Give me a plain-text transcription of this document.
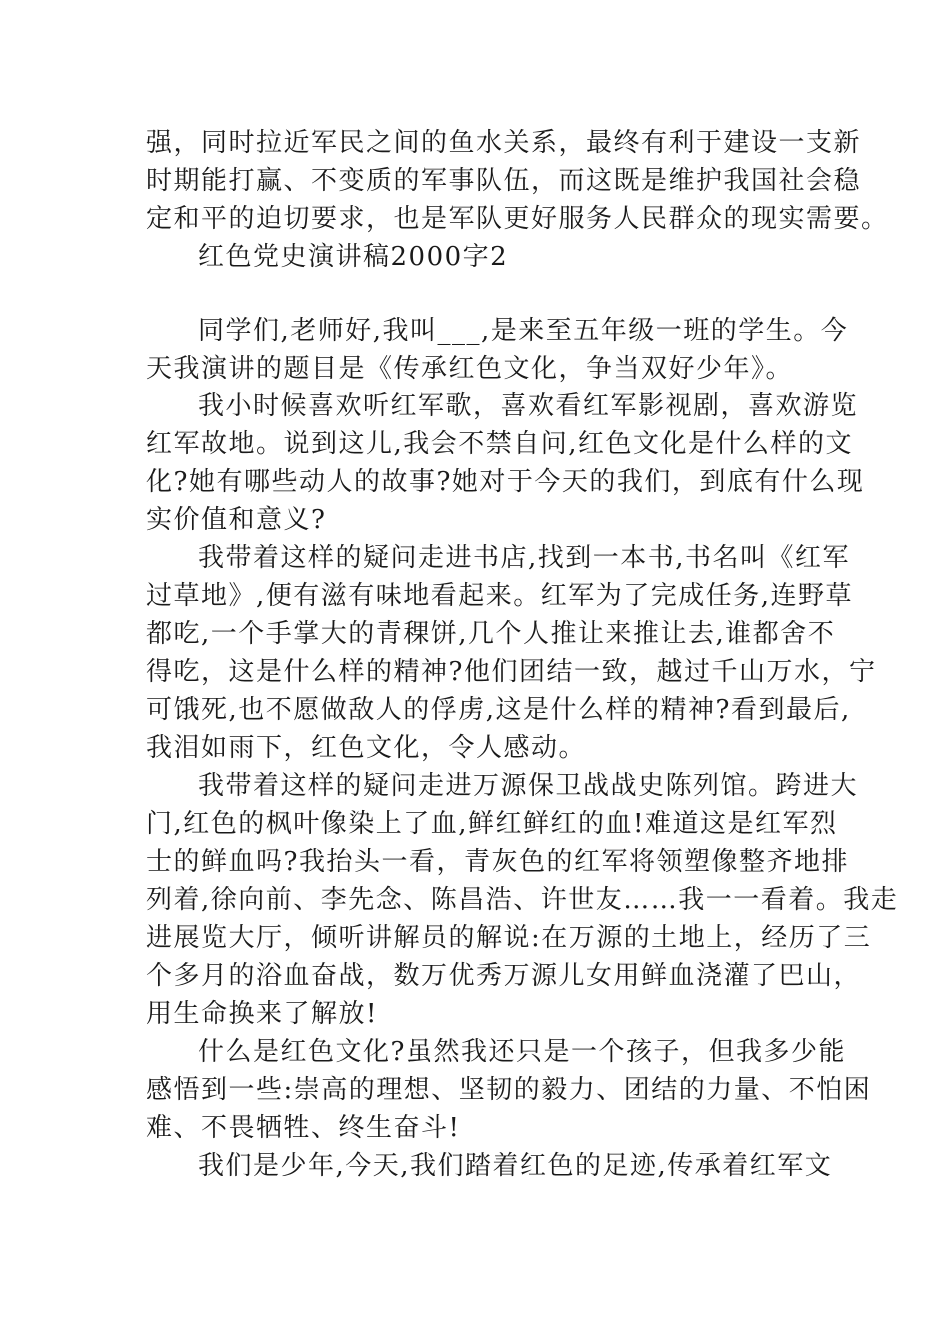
强，同时拉近军民之间的鱼水关系，最终有利于建设一支新

时期能打赢、不变质的军事队伍，而这既是维护我国社会稳

定和平的迫切要求，也是军队更好服务人民群众的现实需要。

红色党史演讲稿2000字2

同学们,老师好,我叫___,是来至五年级一班的学生。今

天我演讲的题目是《传承红色文化，争当双好少年》。

我小时候喜欢听红军歌，喜欢看红军影视剧，喜欢游览

红军故地。说到这儿,我会不禁自问,红色文化是什么样的文

化?她有哪些动人的故事?她对于今天的我们，到底有什么现

实价值和意义?

我带着这样的疑问走进书店,找到一本书,书名叫《红军

过草地》,便有滋有味地看起来。红军为了完成任务,连野草

都吃,一个手掌大的青稞饼,几个人推让来推让去,谁都舍不

得吃，这是什么样的精神?他们团结一致，越过千山万水，宁

可饿死,也不愿做敌人的俘虏,这是什么样的精神?看到最后,

我泪如雨下，红色文化，令人感动。

我带着这样的疑问走进万源保卫战战史陈列馆。跨进大

门,红色的枫叶像染上了血,鲜红鲜红的血!难道这是红军烈

士的鲜血吗?我抬头一看，青灰色的红军将领塑像整齐地排

列着,徐向前、李先念、陈昌浩、许世友……我一一看着。我走

进展览大厅，倾听讲解员的解说:在万源的土地上，经历了三

个多月的浴血奋战，数万优秀万源儿女用鲜血浇灌了巴山，

用生命换来了解放!

什么是红色文化?虽然我还只是一个孩子，但我多少能

感悟到一些:崇高的理想、坚韧的毅力、团结的力量、不怕困

难、不畏牺牲、终生奋斗!

我们是少年,今天,我们踏着红色的足迹,传承着红军文
